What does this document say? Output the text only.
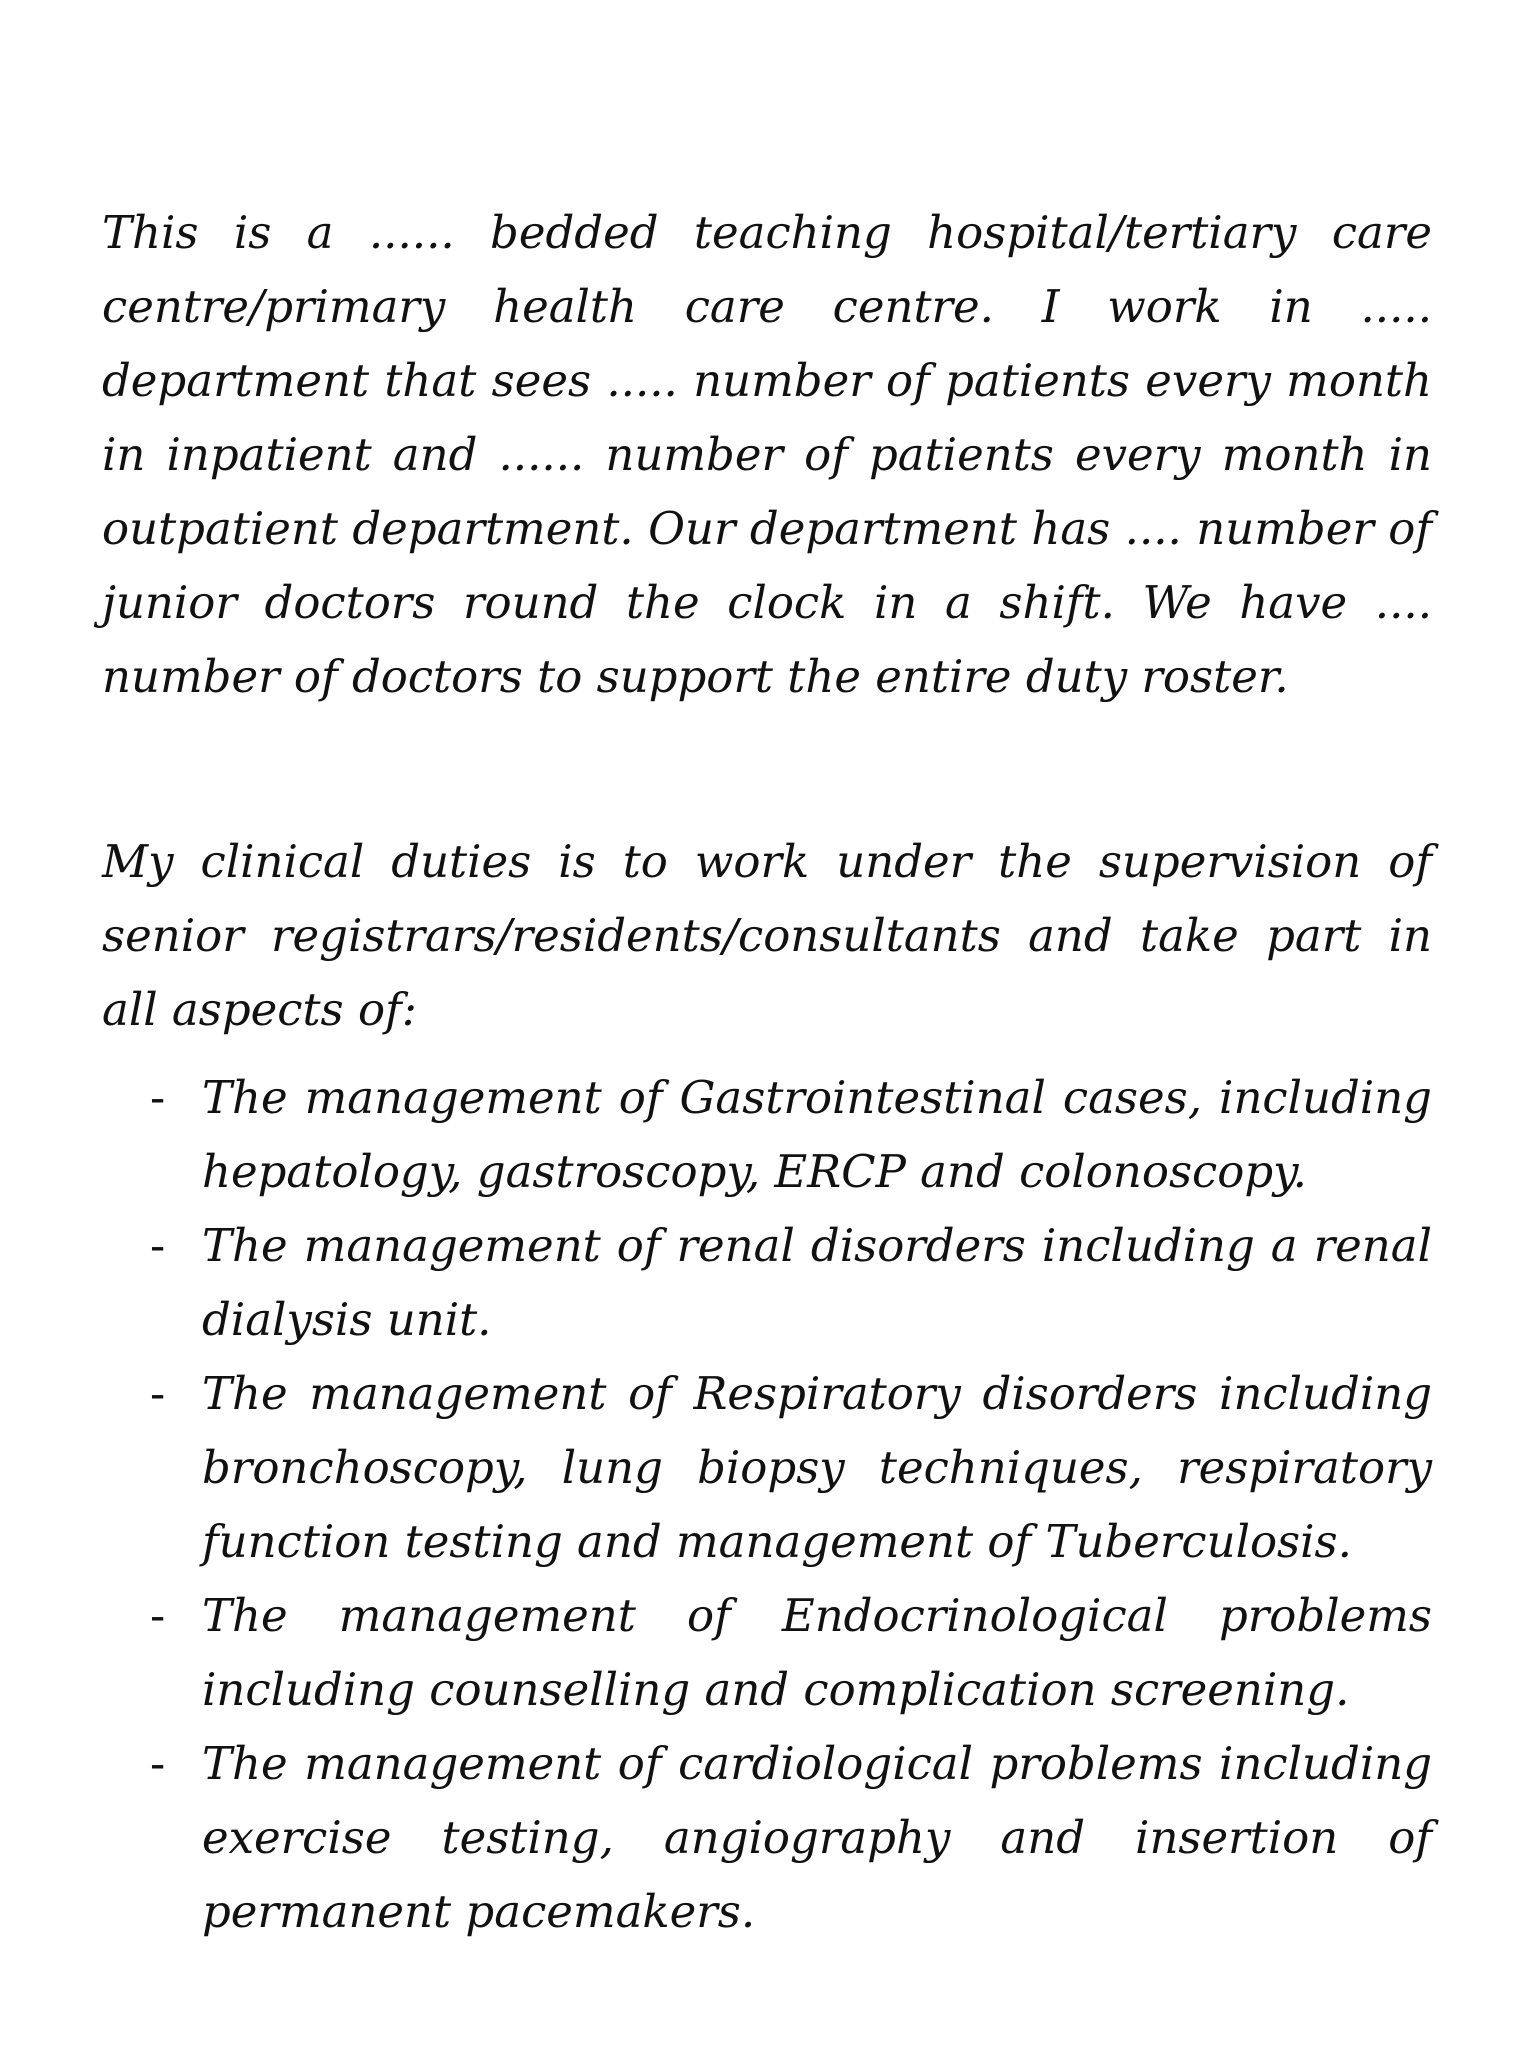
This is a ...... bedded teaching hospital/tertiary care centre/primary health care centre. I work in ..... department that sees ..... number of patients every month in inpatient and ...... number of patients every month in outpatient department. Our department has .... number of junior doctors round the clock in a shift. We have .... number of doctors to support the entire duty roster.

My clinical duties is to work under the supervision of senior registrars/residents/consultants and take part in all aspects of:

- The management of Gastrointestinal cases, including hepatology, gastroscopy, ERCP and colonoscopy.
- The management of renal disorders including a renal dialysis unit.
- The management of Respiratory disorders including bronchoscopy, lung biopsy techniques, respiratory function testing and management of Tuberculosis.
- The management of Endocrinological problems including counselling and complication screening.
- The management of cardiological problems including exercise testing, angiography and insertion of permanent pacemakers.
